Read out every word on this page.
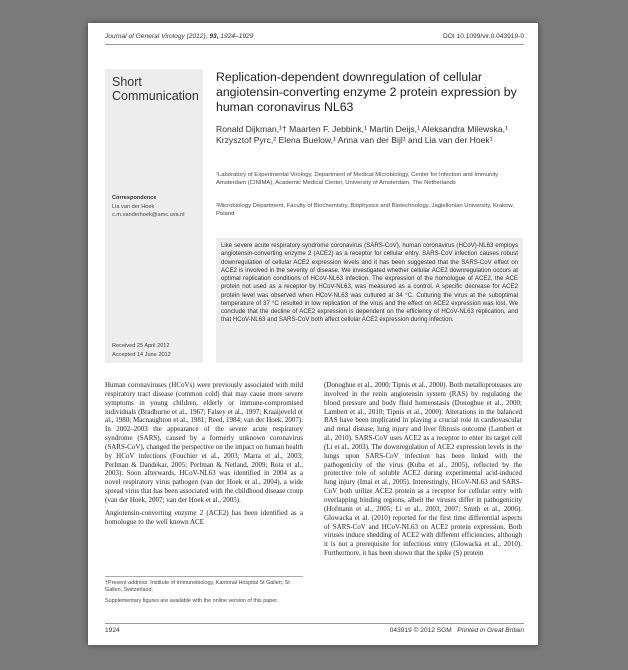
Journal of General Virology (2012), 93, 1924–1929	DOI 10.1099/vir.0.043919-0
Short
Communication
Correspondence
Lia van der Hoek
c.m.vanderhoek@amc.uva.nl
Received 25 April 2012
Accepted 14 June 2012
Replication-dependent downregulation of cellular angiotensin-converting enzyme 2 protein expression by human coronavirus NL63
Ronald Dijkman,¹† Maarten F. Jebbink,¹ Martin Deijs,¹ Aleksandra Milewska,¹ Krzysztof Pyrc,² Elena Buelow,¹ Anna van der Bijl¹ and Lia van der Hoek¹
¹Laboratory of Experimental Virology, Department of Medical Microbiology, Center for Infection and Immunity Amsterdam (CINIMA), Academic Medical Center, University of Amsterdam, The Netherlands
²Microbiology Department, Faculty of Biochemistry, Biophysics and Biotechnology, Jagiellonian University, Krakow, Poland

Like severe acute respiratory syndrome coronavirus (SARS-CoV), human coronavirus (HCoV)-NL63 employs angiotensin-converting enzyme 2 (ACE2) as a receptor for cellular entry. SARS-CoV infection causes robust downregulation of cellular ACE2 expression levels and it has been suggested that the SARS-CoV effect on ACE2 is involved in the severity of disease. We investigated whether cellular ACE2 downregulation occurs at optimal replication conditions of HCoV-NL63 infection. The expression of the homologue of ACE2, the ACE protein not used as a receptor by HCoV-NL63, was measured as a control. A specific decrease for ACE2 protein level was observed when HCoV-NL63 was cultured at 34 °C. Culturing the virus at the suboptimal temperature of 37 °C resulted in low replication of the virus and the effect on ACE2 expression was lost. We conclude that the decline of ACE2 expression is dependent on the efficiency of HCoV-NL63 replication, and that HCoV-NL63 and SARS-CoV both affect cellular ACE2 expression during infection.

Human coronaviruses (HCoVs) were previously associated with mild respiratory tract disease (common cold) that may cause more severe symptoms in young children, elderly or immune-compromised individuals (Bradburne et al., 1967; Falsey et al., 1997; Kraaijeveld et al., 1980; Macnaughton et al., 1981; Reed, 1984; van der Hoek, 2007). In 2002–2003 the appearance of the severe acute respiratory syndrome (SARS), caused by a formerly unknown coronavirus (SARS-CoV), changed the perspective on the impact on human health by HCoV infections (Fouchier et al., 2003; Marra et al., 2003; Perlman & Dandekar, 2005; Perlman & Netland, 2009; Rota et al., 2003). Soon afterwards, HCoV-NL63 was identified in 2004 as a novel respiratory virus pathogen (van der Hoek et al., 2004), a wide spread virus that has been associated with the childhood disease croup (van der Hoek, 2007; van der Hoek et al., 2005).

Angiotensin-converting enzyme 2 (ACE2) has been identified as a homologue to the well known ACE

(Donoghue et al., 2000; Tipnis et al., 2000). Both metalloproteases are involved in the renin angiotensin system (RAS) by regulating the blood pressure and body fluid homeostasis (Donoghue et al., 2000; Lambert et al., 2010; Tipnis et al., 2000). Alterations in the balanced RAS have been implicated in playing a crucial role in cardiovascular and renal disease, lung injury and liver fibrosis outcome (Lambert et al., 2010). SARS-CoV uses ACE2 as a receptor to enter its target cell (Li et al., 2003). The downregulation of ACE2 expression levels in the lungs upon SARS-CoV infection has been linked with the pathogenicity of the virus (Kuba et al., 2005), reflected by the protective role of soluble ACE2 during experimental acid-induced lung injury (Imai et al., 2005). Interestingly, HCoV-NL63 and SARS-CoV both utilize ACE2 protein as a receptor for cellular entry with overlapping binding regions, albeit the viruses differ in pathogenicity (Hofmann et al., 2005; Li et al., 2003, 2007; Smith et al., 2006). Glowacka et al. (2010) reported for the first time differential aspects of SARS-CoV and HCoV-NL63 on ACE2 protein expression. Both viruses induce shedding of ACE2 with different efficiencies, although it is not a prerequisite for infectious entry (Glowacka et al., 2010). Furthermore, it has been shown that the spike (S) protein

†Present address: Institute of Immunobiology, Kantonal Hospital St Gallen, St Gallen, Switzerland.
Supplementary figures are available with the online version of this paper.
1924	043919 © 2012 SGM Printed in Great Britain
